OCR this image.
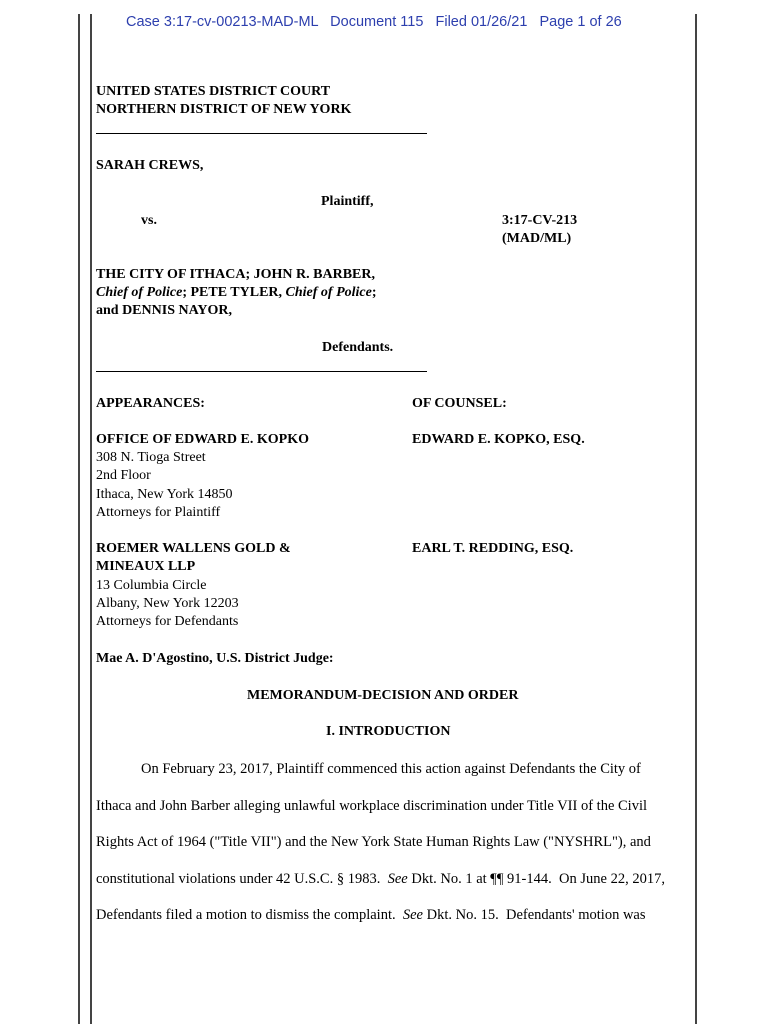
Case 3:17-cv-00213-MAD-ML Document 115 Filed 01/26/21 Page 1 of 26
UNITED STATES DISTRICT COURT
NORTHERN DISTRICT OF NEW YORK
SARAH CREWS,
Plaintiff,
vs.	3:17-CV-213
(MAD/ML)
THE CITY OF ITHACA; JOHN R. BARBER,
Chief of Police; PETE TYLER, Chief of Police;
and DENNIS NAYOR,
Defendants.
APPEARANCES:	OF COUNSEL:
OFFICE OF EDWARD E. KOPKO	EDWARD E. KOPKO, ESQ.
308 N. Tioga Street
2nd Floor
Ithaca, New York 14850
Attorneys for Plaintiff
ROEMER WALLENS GOLD &	EARL T. REDDING, ESQ.
MINEAUX LLP
13 Columbia Circle
Albany, New York 12203
Attorneys for Defendants
Mae A. D'Agostino, U.S. District Judge:
MEMORANDUM-DECISION AND ORDER
I. INTRODUCTION
On February 23, 2017, Plaintiff commenced this action against Defendants the City of
Ithaca and John Barber alleging unlawful workplace discrimination under Title VII of the Civil
Rights Act of 1964 ("Title VII") and the New York State Human Rights Law ("NYSHRL"), and
constitutional violations under 42 U.S.C. § 1983.  See Dkt. No. 1 at ¶¶ 91-144.  On June 22, 2017,
Defendants filed a motion to dismiss the complaint.  See Dkt. No. 15.  Defendants' motion was
